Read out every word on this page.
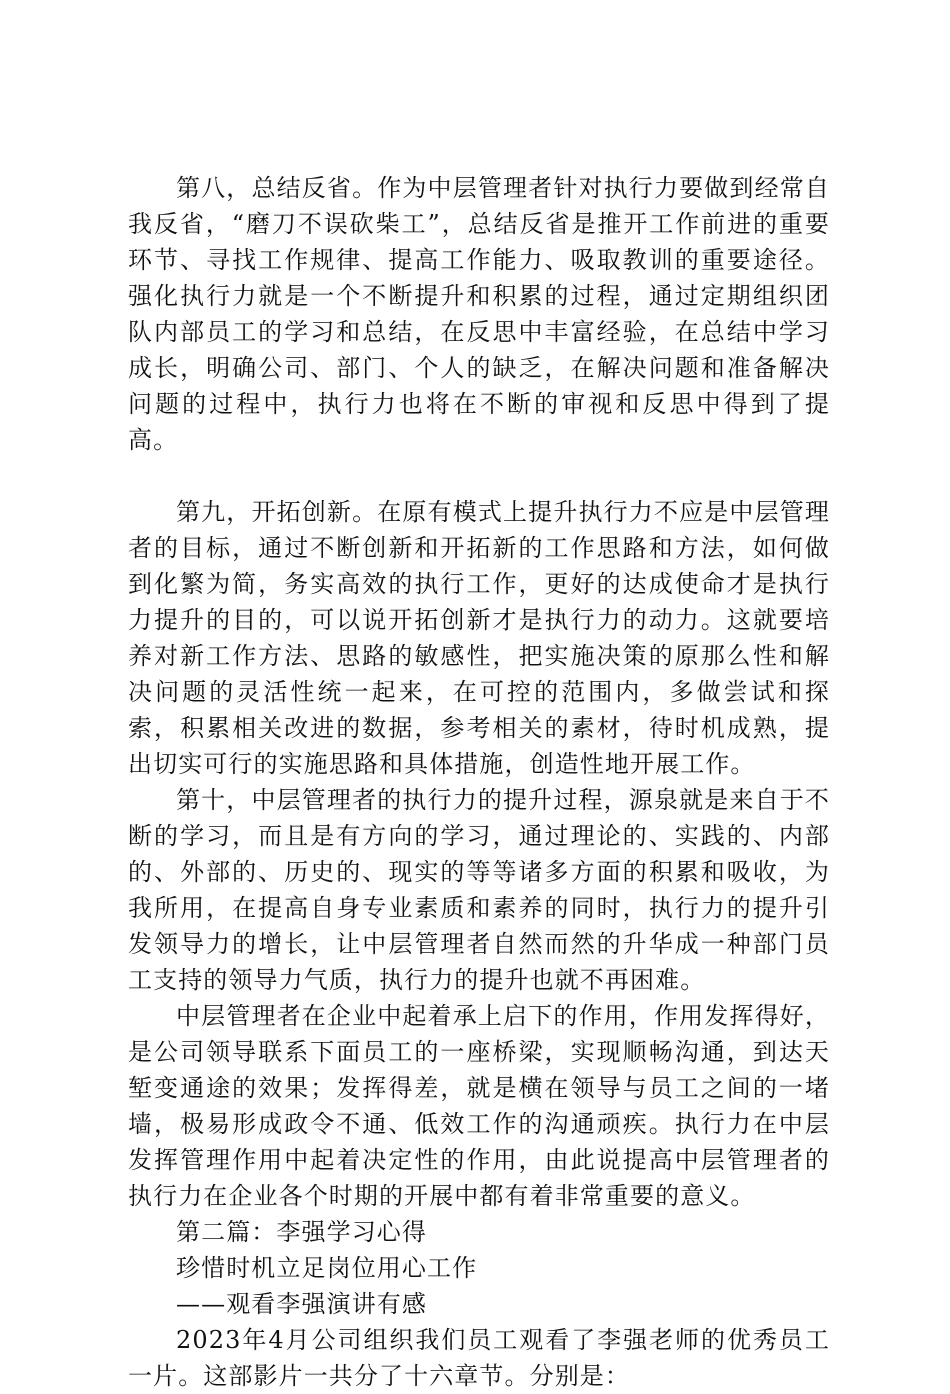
第八，总结反省。作为中层管理者针对执行力要做到经常自我反省，“磨刀不误砍柴工”，总结反省是推开工作前进的重要环节、寻找工作规律、提高工作能力、吸取教训的重要途径。强化执行力就是一个不断提升和积累的过程，通过定期组织团队内部员工的学习和总结，在反思中丰富经验，在总结中学习成长，明确公司、部门、个人的缺乏，在解决问题和准备解决问题的过程中，执行力也将在不断的审视和反思中得到了提高。

第九，开拓创新。在原有模式上提升执行力不应是中层管理者的目标，通过不断创新和开拓新的工作思路和方法，如何做到化繁为简，务实高效的执行工作，更好的达成使命才是执行力提升的目的，可以说开拓创新才是执行力的动力。这就要培养对新工作方法、思路的敏感性，把实施决策的原那么性和解决问题的灵活性统一起来，在可控的范围内，多做尝试和探索，积累相关改进的数据，参考相关的素材，待时机成熟，提出切实可行的实施思路和具体措施，创造性地开展工作。

第十，中层管理者的执行力的提升过程，源泉就是来自于不断的学习，而且是有方向的学习，通过理论的、实践的、内部的、外部的、历史的、现实的等等诸多方面的积累和吸收，为我所用，在提高自身专业素质和素养的同时，执行力的提升引发领导力的增长，让中层管理者自然而然的升华成一种部门员工支持的领导力气质，执行力的提升也就不再困难。

中层管理者在企业中起着承上启下的作用，作用发挥得好，是公司领导联系下面员工的一座桥梁，实现顺畅沟通，到达天堑变通途的效果；发挥得差，就是横在领导与员工之间的一堵墙，极易形成政令不通、低效工作的沟通顽疾。执行力在中层发挥管理作用中起着决定性的作用，由此说提高中层管理者的执行力在企业各个时期的开展中都有着非常重要的意义。

第二篇：李强学习心得

珍惜时机立足岗位用心工作

——观看李强演讲有感

2023年4月公司组织我们员工观看了李强老师的优秀员工一片。这部影片一共分了十六章节。分别是：
